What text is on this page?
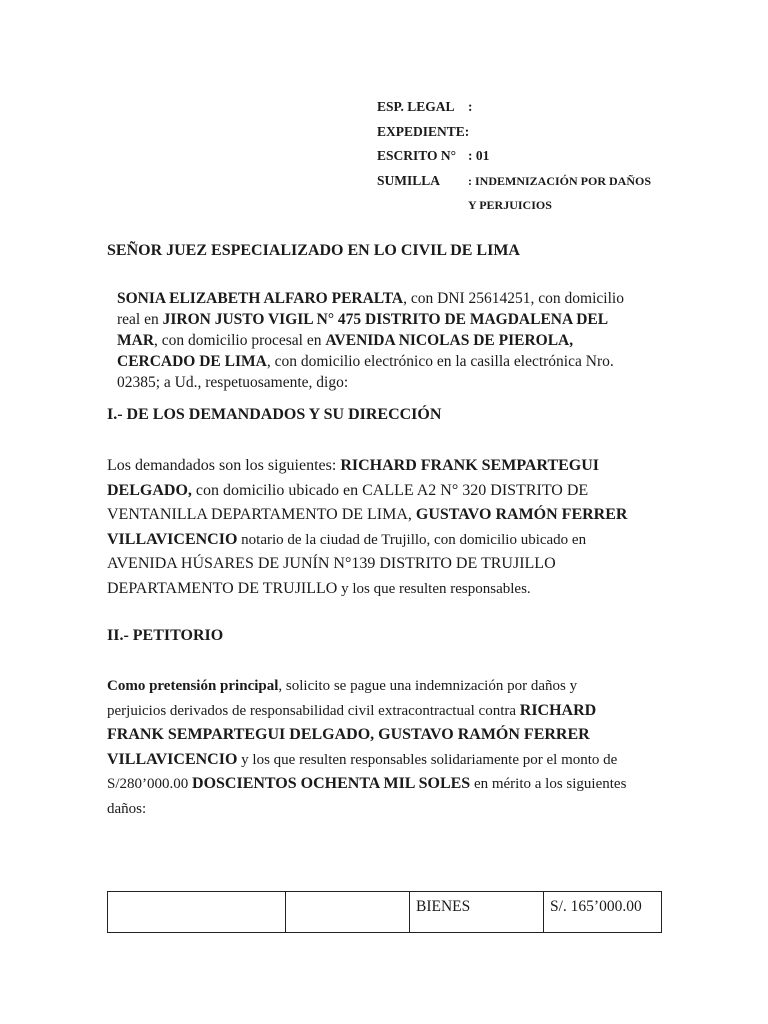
ESP. LEGAL :
EXPEDIENTE:
ESCRITO N° : 01
SUMILLA : INDEMNIZACIÓN POR DAÑOS
Y PERJUICIOS
SEÑOR JUEZ ESPECIALIZADO EN LO CIVIL DE LIMA
SONIA ELIZABETH ALFARO PERALTA, con DNI 25614251, con domicilio
real en JIRON JUSTO VIGIL N° 475 DISTRITO DE MAGDALENA DEL
MAR, con domicilio procesal en AVENIDA NICOLAS DE PIEROLA,
CERCADO DE LIMA, con domicilio electrónico en la casilla electrónica Nro.
02385; a Ud., respetuosamente, digo:
I.- DE LOS DEMANDADOS Y SU DIRECCIÓN
Los demandados son los siguientes: RICHARD FRANK SEMPARTEGUI
DELGADO, con domicilio ubicado en CALLE A2 N° 320 DISTRITO DE
VENTANILLA DEPARTAMENTO DE LIMA, GUSTAVO RAMÓN FERRER
VILLAVICENCIO notario de la ciudad de Trujillo, con domicilio ubicado en
AVENIDA HÚSARES DE JUNÍN N°139 DISTRITO DE TRUJILLO
DEPARTAMENTO DE TRUJILLO y los que resulten responsables.
II.- PETITORIO
Como pretensión principal, solicito se pague una indemnización por daños y
perjuicios derivados de responsabilidad civil extracontractual contra RICHARD
FRANK SEMPARTEGUI DELGADO, GUSTAVO RAMÓN FERRER
VILLAVICENCIO y los que resulten responsables solidariamente por el monto de
S/280’000.00 DOSCIENTOS OCHENTA MIL SOLES en mérito a los siguientes
daños:
		BIENES	S/. 165’000.00
